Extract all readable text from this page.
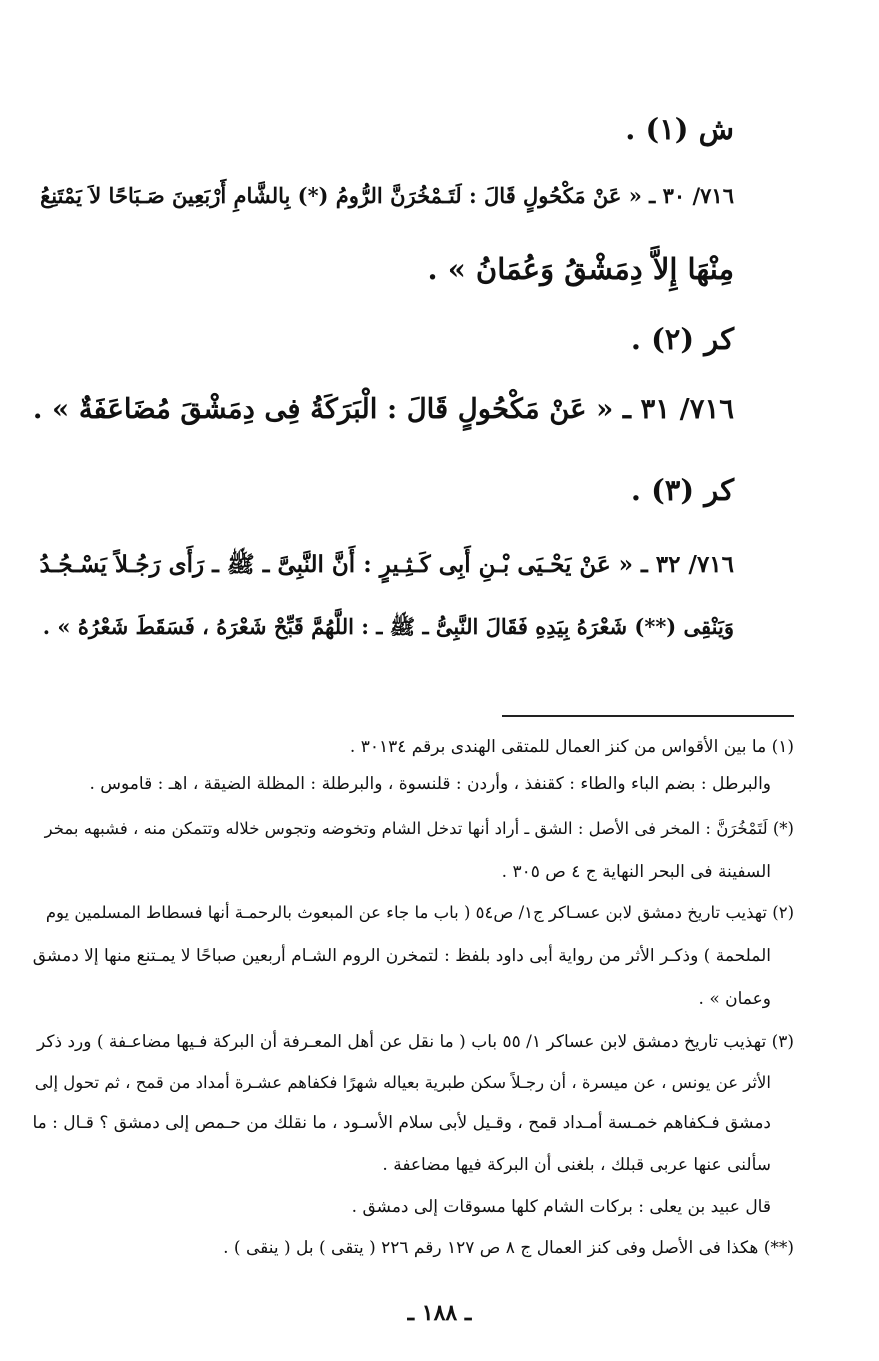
ش (١) .
٧١٦/ ٣٠ ـ « عَنْ مَكْحُولٍ قَالَ : لَتَـمْخُرَنَّ الرُّومُ (*) بِالشَّامِ أَرْبَعِينَ صَـبَاحًا لاَ يَمْتَنِعُ
مِنْهَا إِلاَّ دِمَشْقُ وَعُمَانُ » .
كر (٢) .
٧١٦/ ٣١ ـ « عَنْ مَكْحُولٍ قَالَ : الْبَرَكَةُ فِى دِمَشْقَ مُضَاعَفَةٌ » .
كر (٣) .
٧١٦/ ٣٢ ـ « عَنْ يَحْـيَى بْـنِ أَبِى كَـثِـيرٍ : أَنَّ النَّبِىَّ ـ ﷺ ـ رَأَى رَجُـلاً يَسْـجُـدُ
وَيَنْقِى (**) شَعْرَهُ بِيَدِهِ فَقَالَ النَّبِىُّ ـ ﷺ ـ : اللَّهُمَّ قَبِّحْ شَعْرَهُ ، فَسَقَطَ شَعْرُهُ » .
(١) ما بين الأقواس من كنز العمال للمتقى الهندى برقم ٣٠١٣٤ .
والبرطل : بضم الباء والطاء : كقنفذ ، وأردن : قلنسوة ، والبرطلة : المظلة الضيقة ، اهـ : قاموس .
(*) لَتَمْخُرَنَّ : المخر فى الأصل : الشق ـ أراد أنها تدخل الشام وتخوضه وتجوس خلاله وتتمكن منه ، فشبهه بمخر
السفينة فى البحر النهاية ج ٤ ص ٣٠٥ .
(٢) تهذيب تاريخ دمشق لابن عسـاكر ج١/ ص٥٤ ( باب ما جاء عن المبعوث بالرحمـة أنها فسطاط المسلمين يوم
الملحمة ) وذكـر الأثر من رواية أبى داود بلفظ : لتمخرن الروم الشـام أربعين صباحًا لا يمـتنع منها إلا دمشق
وعمان » .
(٣) تهذيب تاريخ دمشق لابن عساكر ١/ ٥٥ باب ( ما نقل عن أهل المعـرفة أن البركة فـيها مضاعـفة ) ورد ذكر
الأثر عن يونس ، عن ميسرة ، أن رجـلاً سكن طبرية بعياله شهرًا فكفاهم عشـرة أمداد من قمح ، ثم تحول إلى
دمشق فـكفاهم خمـسة أمـداد قمح ، وقـيل لأبى سلام الأسـود ، ما نقلك من حـمص إلى دمشق ؟ قـال : ما
سألنى عنها عربى قبلك ، بلغنى أن البركة فيها مضاعفة .
قال عبيد بن يعلى : بركات الشام كلها مسوقات إلى دمشق .
(**) هكذا فى الأصل وفى كنز العمال ج ٨ ص ١٢٧ رقم ٢٢٦ ( يتقى ) بل ( ينقى ) .
ـ ١٨٨ ـ
